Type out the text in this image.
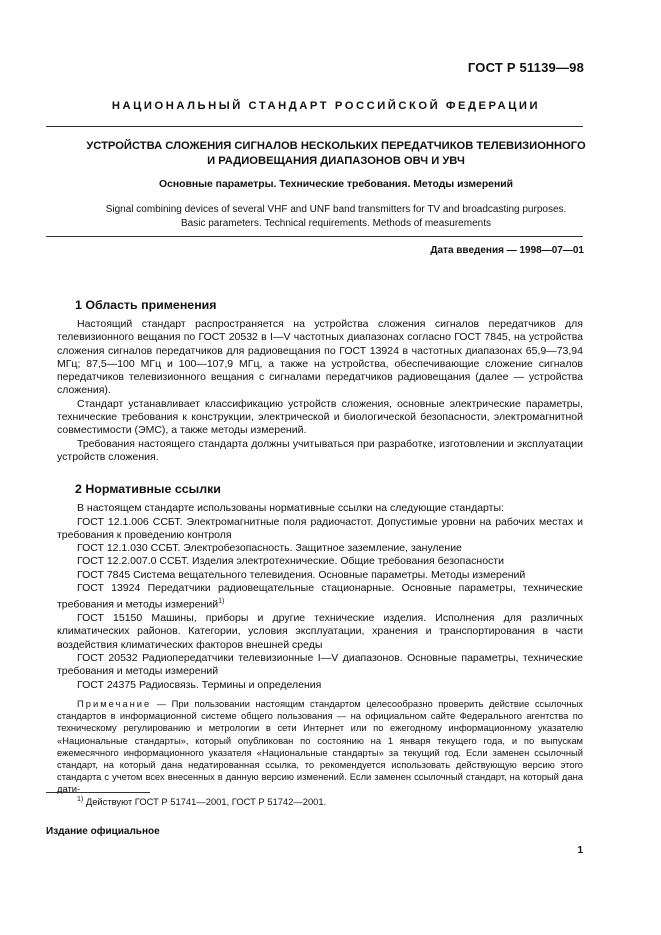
ГОСТ Р 51139—98
НАЦИОНАЛЬНЫЙ СТАНДАРТ РОССИЙСКОЙ ФЕДЕРАЦИИ
УСТРОЙСТВА СЛОЖЕНИЯ СИГНАЛОВ НЕСКОЛЬКИХ ПЕРЕДАТЧИКОВ ТЕЛЕВИЗИОННОГО
И РАДИОВЕЩАНИЯ ДИАПАЗОНОВ ОВЧ И УВЧ
Основные параметры. Технические требования. Методы измерений
Signal combining devices of several VHF and UNF band transmitters for TV and broadcasting purposes.
Basic parameters. Technical requirements. Methods of measurements
Дата введения — 1998—07—01
1 Область применения
Настоящий стандарт распространяется на устройства сложения сигналов передатчиков для телевизионного вещания по ГОСТ 20532 в I—V частотных диапазонах согласно ГОСТ 7845, на устройства сложения сигналов передатчиков для радиовещания по ГОСТ 13924 в частотных диапазонах 65,9—73,94 МГц; 87,5—100 МГц и 100—107,9 МГц, а также на устройства, обеспечивающие сложение сигналов передатчиков телевизионного вещания с сигналами передатчиков радиовещания (далее — устройства сложения).
Стандарт устанавливает классификацию устройств сложения, основные электрические параметры, технические требования к конструкции, электрической и биологической безопасности, электромагнитной совместимости (ЭМС), а также методы измерений.
Требования настоящего стандарта должны учитываться при разработке, изготовлении и эксплуатации устройств сложения.
2 Нормативные ссылки
В настоящем стандарте использованы нормативные ссылки на следующие стандарты:
ГОСТ 12.1.006 ССБТ. Электромагнитные поля радиочастот. Допустимые уровни на рабочих местах и требования к проведению контроля
ГОСТ 12.1.030 ССБТ. Электробезопасность. Защитное заземление, зануление
ГОСТ 12.2.007.0 ССБТ. Изделия электротехнические. Общие требования безопасности
ГОСТ 7845 Система вещательного телевидения. Основные параметры. Методы измерений
ГОСТ 13924 Передатчики радиовещательные стационарные. Основные параметры, технические требования и методы измерений$^{1)}$
ГОСТ 15150 Машины, приборы и другие технические изделия. Исполнения для различных климатических районов. Категории, условия эксплуатации, хранения и транспортирования в части воздействия климатических факторов внешней среды
ГОСТ 20532 Радиопередатчики телевизионные I—V диапазонов. Основные параметры, технические требования и методы измерений
ГОСТ 24375 Радиосвязь. Термины и определения
Примечание — При пользовании настоящим стандартом целесообразно проверить действие ссылочных стандартов в информационной системе общего пользования — на официальном сайте Федерального агентства по техническому регулированию и метрологии в сети Интернет или по ежегодному информационному указателю «Национальные стандарты», который опубликован по состоянию на 1 января текущего года, и по выпускам ежемесячного информационного указателя «Национальные стандарты» за текущий год. Если заменен ссылочный стандарт, на который дана недатированная ссылка, то рекомендуется использовать действующую версию этого стандарта с учетом всех внесенных в данную версию изменений. Если заменен ссылочный стандарт, на который дана дати-
$^{1)}$ Действуют ГОСТ Р 51741—2001, ГОСТ Р 51742—2001.
Издание официальное
1
